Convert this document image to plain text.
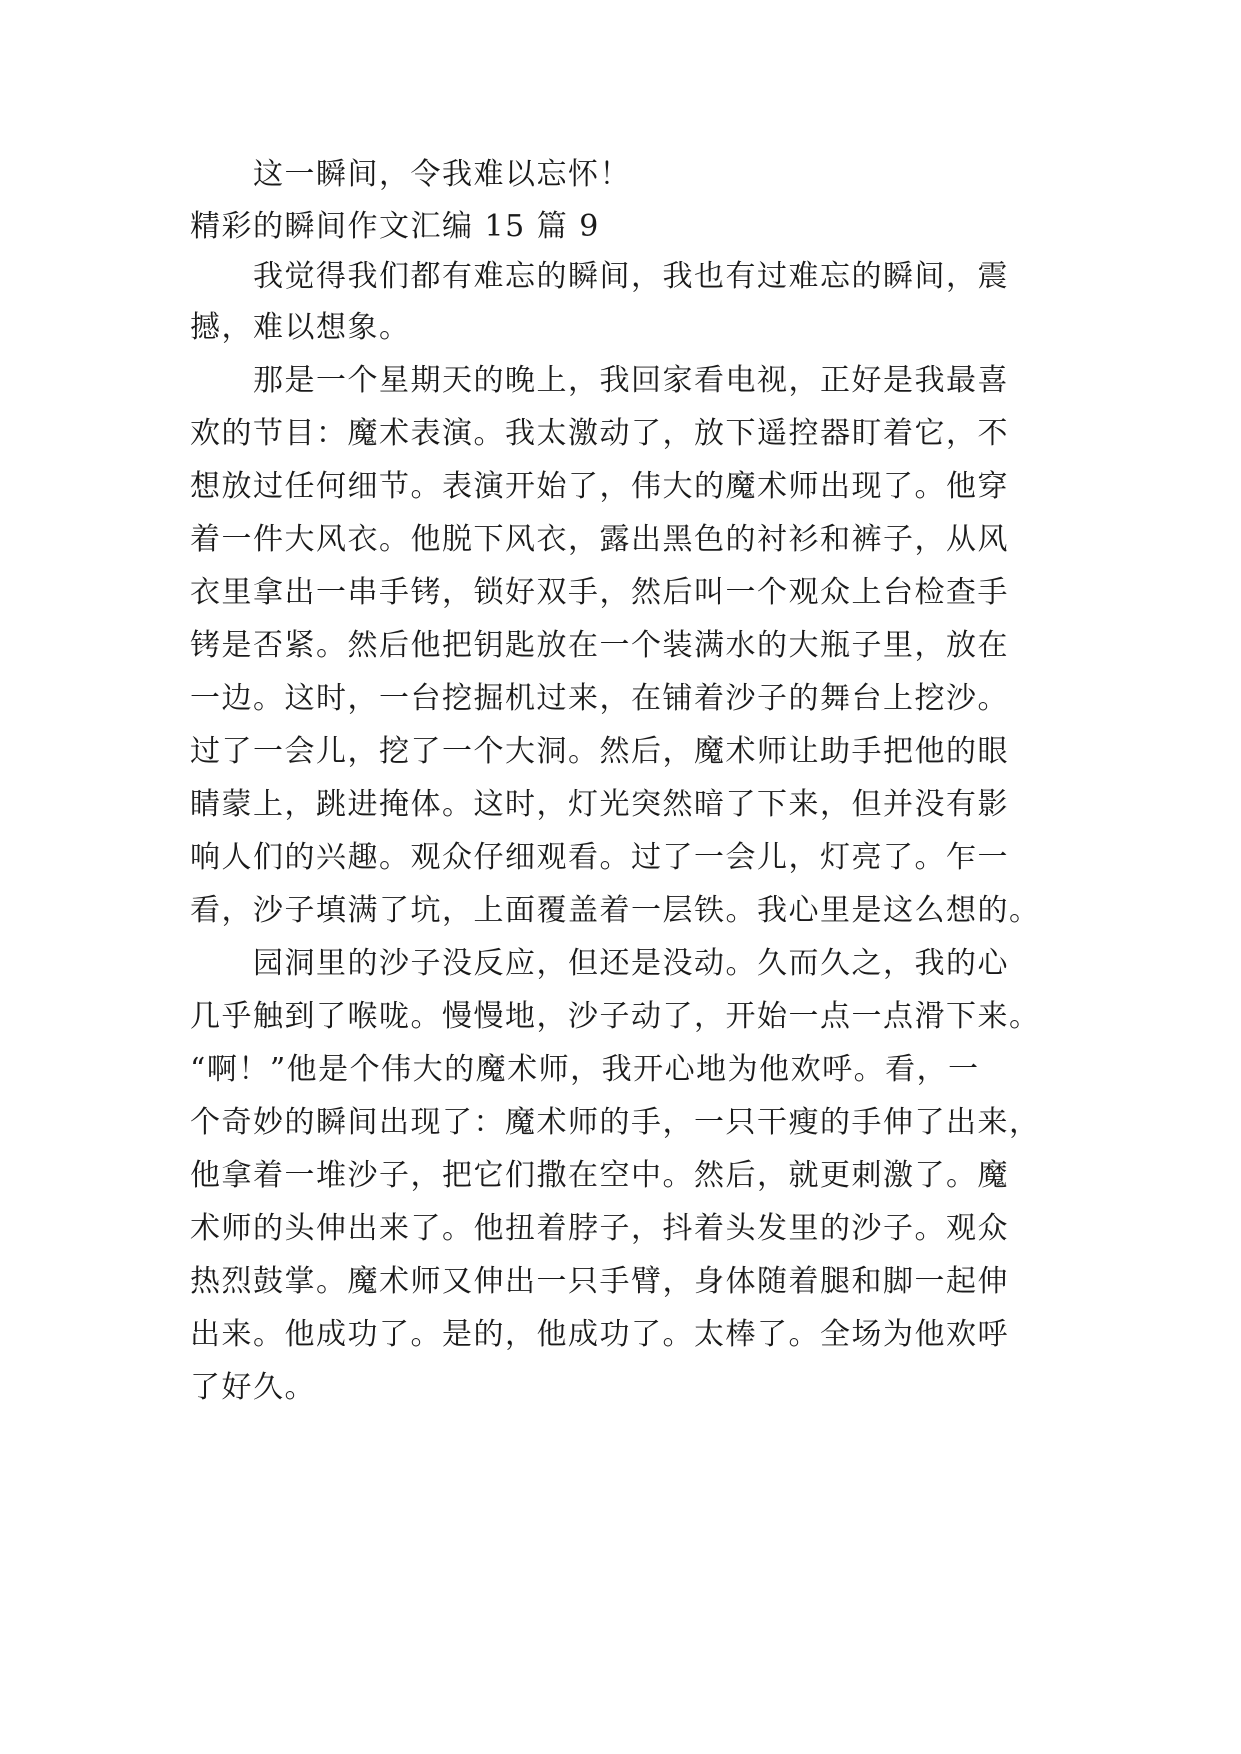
这一瞬间，令我难以忘怀！
精彩的瞬间作文汇编 15 篇 9
我觉得我们都有难忘的瞬间，我也有过难忘的瞬间，震
撼，难以想象。
那是一个星期天的晚上，我回家看电视，正好是我最喜
欢的节目：魔术表演。我太激动了，放下遥控器盯着它，不
想放过任何细节。表演开始了，伟大的魔术师出现了。他穿
着一件大风衣。他脱下风衣，露出黑色的衬衫和裤子，从风
衣里拿出一串手铐，锁好双手，然后叫一个观众上台检查手
铐是否紧。然后他把钥匙放在一个装满水的大瓶子里，放在
一边。这时，一台挖掘机过来，在铺着沙子的舞台上挖沙。
过了一会儿，挖了一个大洞。然后，魔术师让助手把他的眼
睛蒙上，跳进掩体。这时，灯光突然暗了下来，但并没有影
响人们的兴趣。观众仔细观看。过了一会儿，灯亮了。乍一
看，沙子填满了坑，上面覆盖着一层铁。我心里是这么想的。
园洞里的沙子没反应，但还是没动。久而久之，我的心
几乎触到了喉咙。慢慢地，沙子动了，开始一点一点滑下来。
“啊！”他是个伟大的魔术师，我开心地为他欢呼。看，一
个奇妙的瞬间出现了：魔术师的手，一只干瘦的手伸了出来，
他拿着一堆沙子，把它们撒在空中。然后，就更刺激了。魔
术师的头伸出来了。他扭着脖子，抖着头发里的沙子。观众
热烈鼓掌。魔术师又伸出一只手臂，身体随着腿和脚一起伸
出来。他成功了。是的，他成功了。太棒了。全场为他欢呼
了好久。
